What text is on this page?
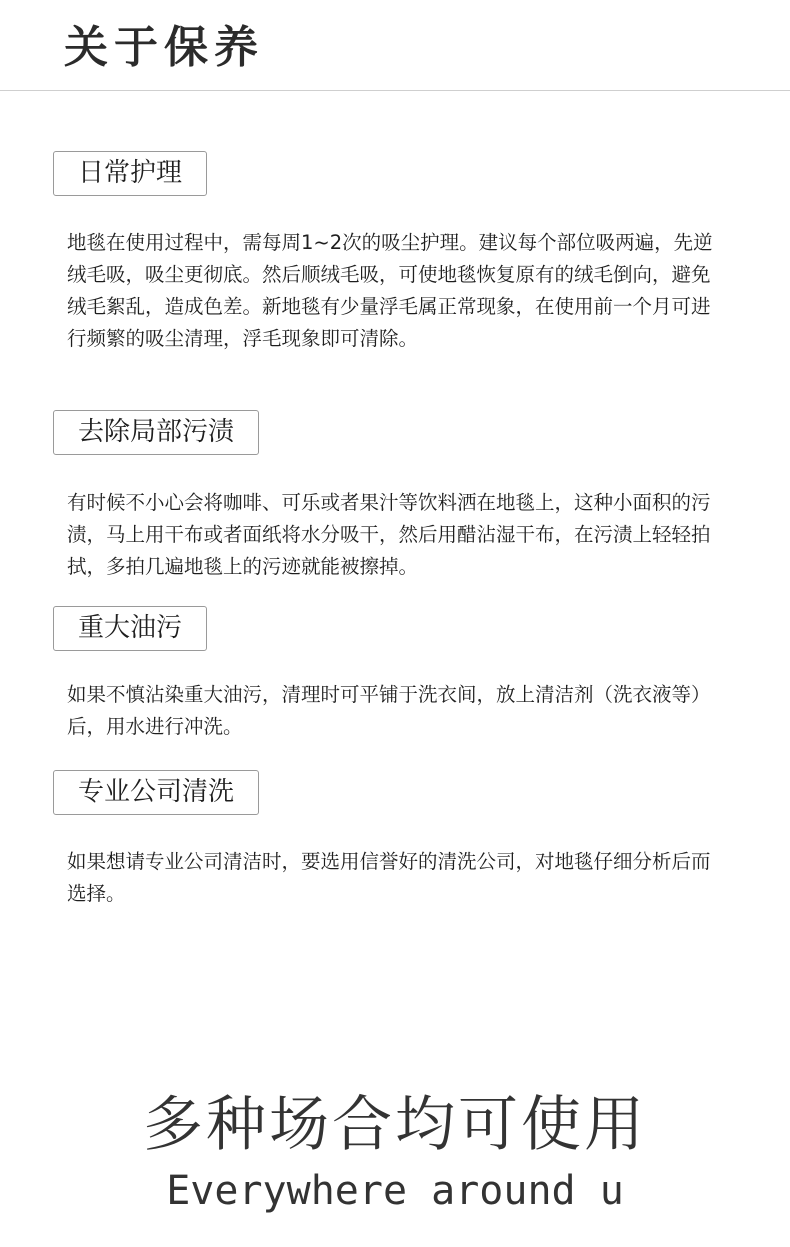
关于保养
日常护理
地毯在使用过程中，需每周1~2次的吸尘护理。建议每个部位吸两遍，先逆绒毛吸，吸尘更彻底。然后顺绒毛吸，可使地毯恢复原有的绒毛倒向，避免绒毛絮乱，造成色差。新地毯有少量浮毛属正常现象，在使用前一个月可进行频繁的吸尘清理，浮毛现象即可清除。
去除局部污渍
有时候不小心会将咖啡、可乐或者果汁等饮料洒在地毯上，这种小面积的污渍，马上用干布或者面纸将水分吸干，然后用醋沾湿干布，在污渍上轻轻拍拭，多拍几遍地毯上的污迹就能被擦掉。
重大油污
如果不慎沾染重大油污，清理时可平铺于洗衣间，放上清洁剂（洗衣液等）后，用水进行冲洗。
专业公司清洗
如果想请专业公司清洁时，要选用信誉好的清洗公司，对地毯仔细分析后而选择。
多种场合均可使用
Everywhere around u
